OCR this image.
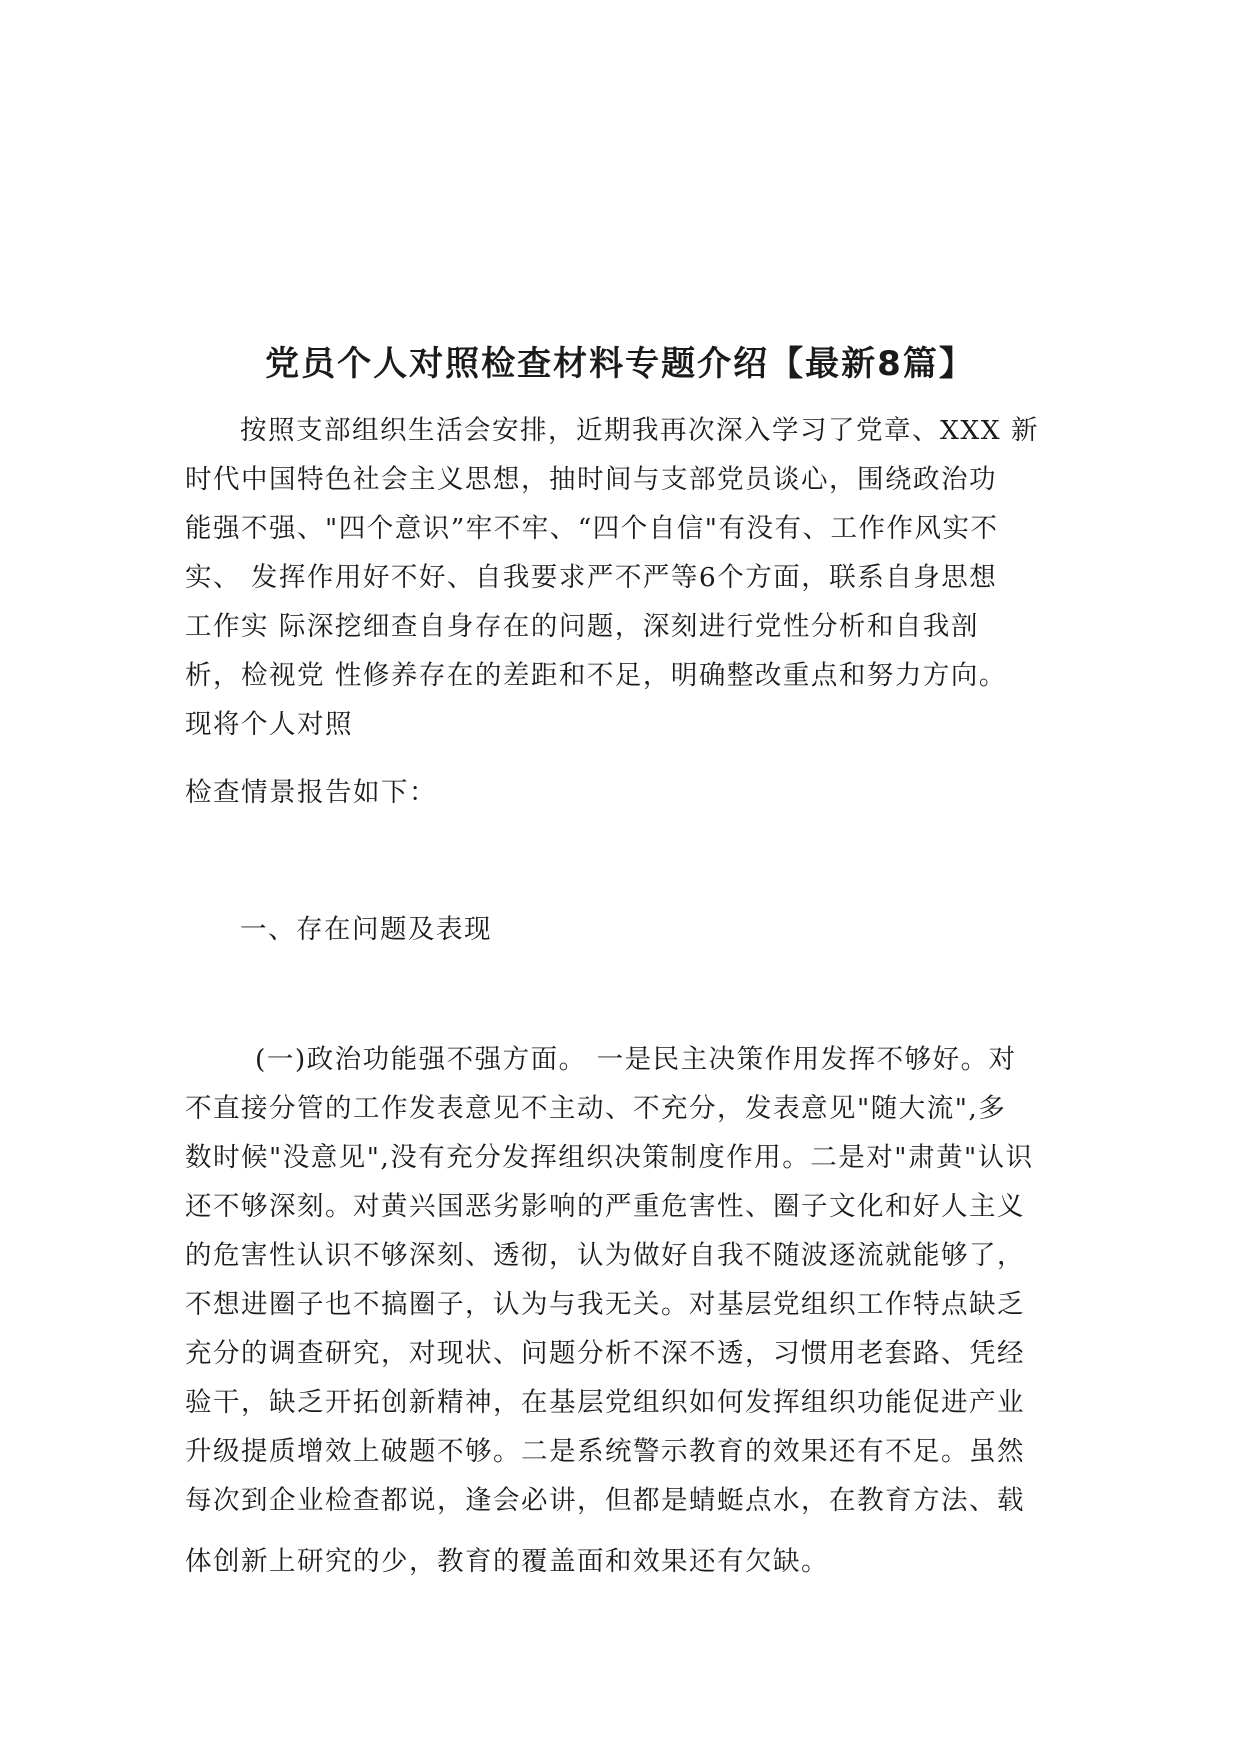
党员个人对照检查材料专题介绍【最新8篇】
按照支部组织生活会安排，近期我再次深入学习了党章、XXX 新
时代中国特色社会主义思想，抽时间与支部党员谈心，围绕政治功
能强不强、"四个意识”牢不牢、“四个自信"有没有、工作作风实不
实、 发挥作用好不好、自我要求严不严等6个方面，联系自身思想
工作实 际深挖细查自身存在的问题，深刻进行党性分析和自我剖
析，检视党 性修养存在的差距和不足，明确整改重点和努力方向。
现将个人对照
检查情景报告如下：
一、存在问题及表现
(一)政治功能强不强方面。 一是民主决策作用发挥不够好。对
不直接分管的工作发表意见不主动、不充分，发表意见"随大流",多
数时候"没意见",没有充分发挥组织决策制度作用。二是对"肃黄"认识
还不够深刻。对黄兴国恶劣影响的严重危害性、圈子文化和好人主义
的危害性认识不够深刻、透彻，认为做好自我不随波逐流就能够了，
不想进圈子也不搞圈子，认为与我无关。对基层党组织工作特点缺乏
充分的调查研究，对现状、问题分析不深不透，习惯用老套路、凭经
验干，缺乏开拓创新精神，在基层党组织如何发挥组织功能促进产业
升级提质增效上破题不够。二是系统警示教育的效果还有不足。虽然
每次到企业检查都说，逢会必讲，但都是蜻蜓点水，在教育方法、载
体创新上研究的少，教育的覆盖面和效果还有欠缺。
